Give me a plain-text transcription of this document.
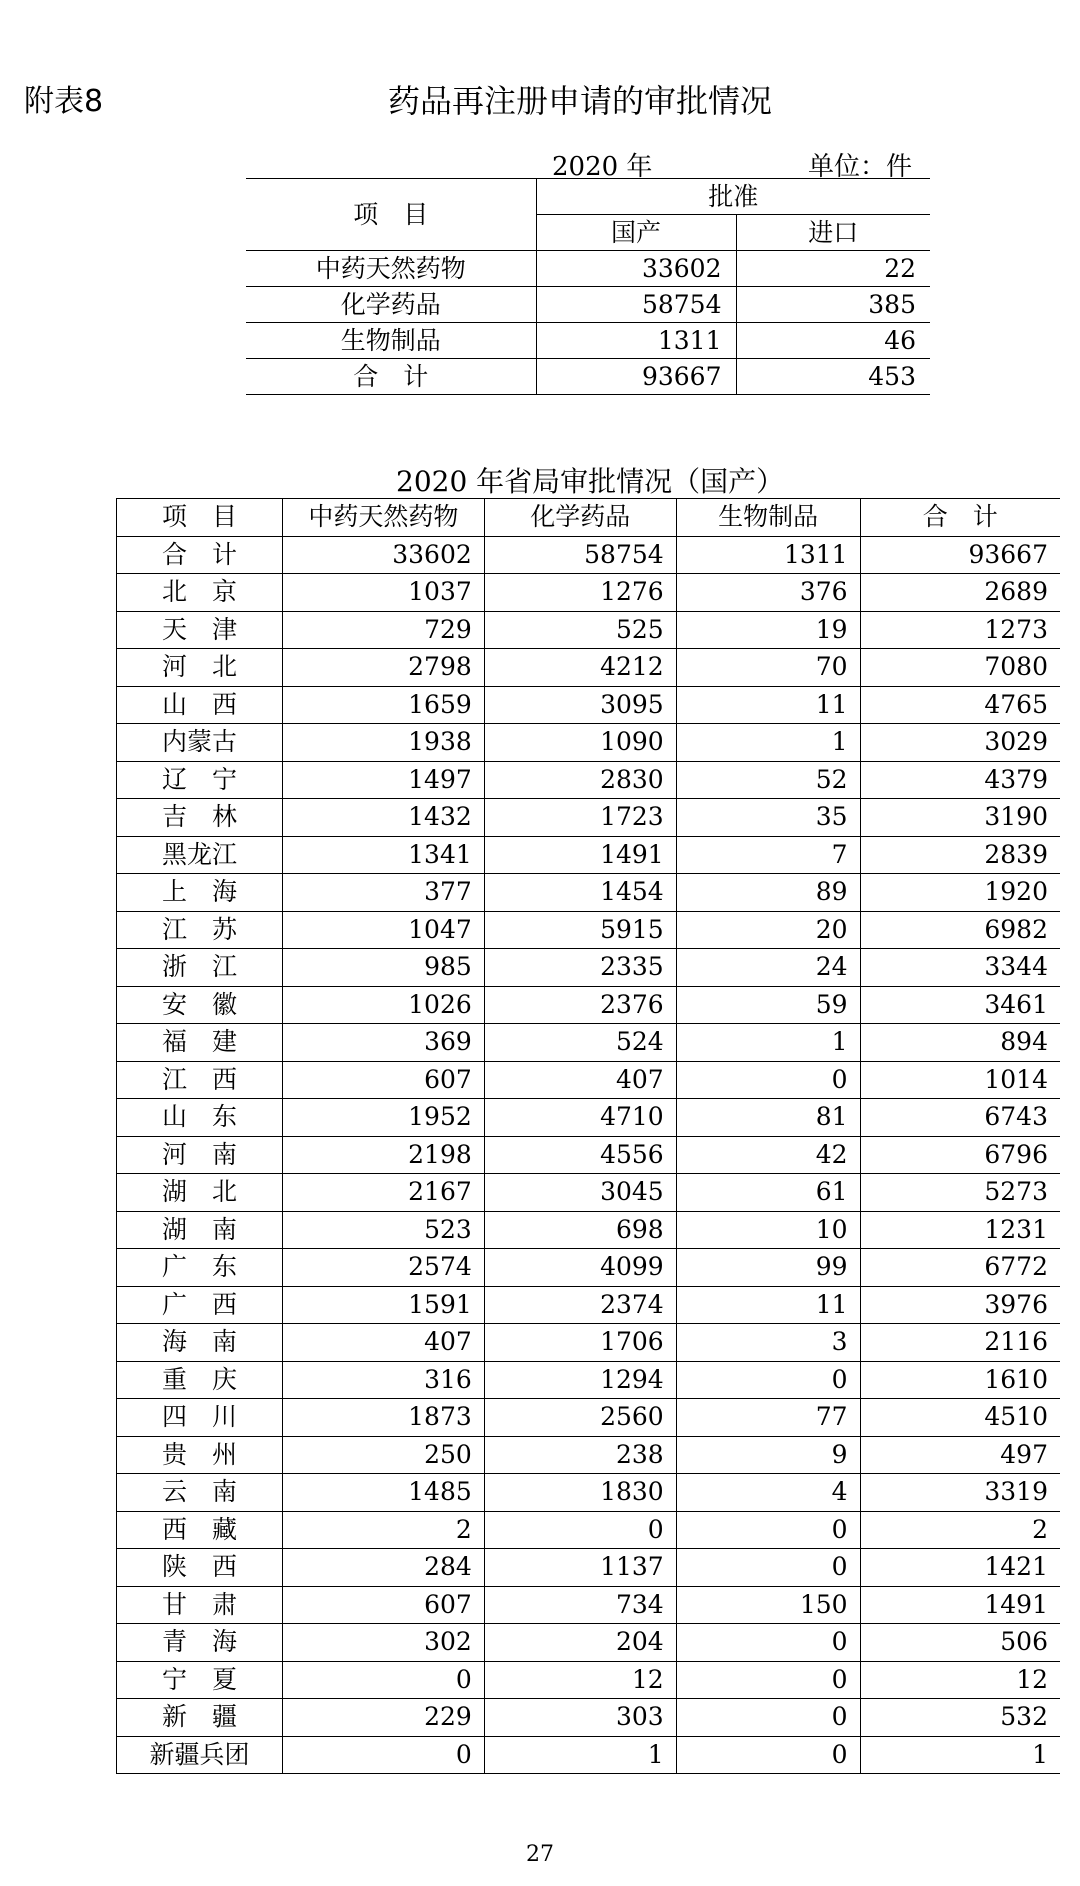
附表8	药品再注册申请的审批情况
2020 年	单位：件
项　目	批准	
	国产	进口
中药天然药物	33602	22
化学药品	58754	385
生物制品	1311	46
合　计	93667	453
2020 年省局审批情况（国产）
项　目	中药天然药物	化学药品	生物制品	合　计
合　计	33602	58754	1311	93667
北　京	1037	1276	376	2689
天　津	729	525	19	1273
河　北	2798	4212	70	7080
山　西	1659	3095	11	4765
内蒙古	1938	1090	1	3029
辽　宁	1497	2830	52	4379
吉　林	1432	1723	35	3190
黑龙江	1341	1491	7	2839
上　海	377	1454	89	1920
江　苏	1047	5915	20	6982
浙　江	985	2335	24	3344
安　徽	1026	2376	59	3461
福　建	369	524	1	894
江　西	607	407	0	1014
山　东	1952	4710	81	6743
河　南	2198	4556	42	6796
湖　北	2167	3045	61	5273
湖　南	523	698	10	1231
广　东	2574	4099	99	6772
广　西	1591	2374	11	3976
海　南	407	1706	3	2116
重　庆	316	1294	0	1610
四　川	1873	2560	77	4510
贵　州	250	238	9	497
云　南	1485	1830	4	3319
西　藏	2	0	0	2
陕　西	284	1137	0	1421
甘　肃	607	734	150	1491
青　海	302	204	0	506
宁　夏	0	12	0	12
新　疆	229	303	0	532
新疆兵团	0	1	0	1
27
